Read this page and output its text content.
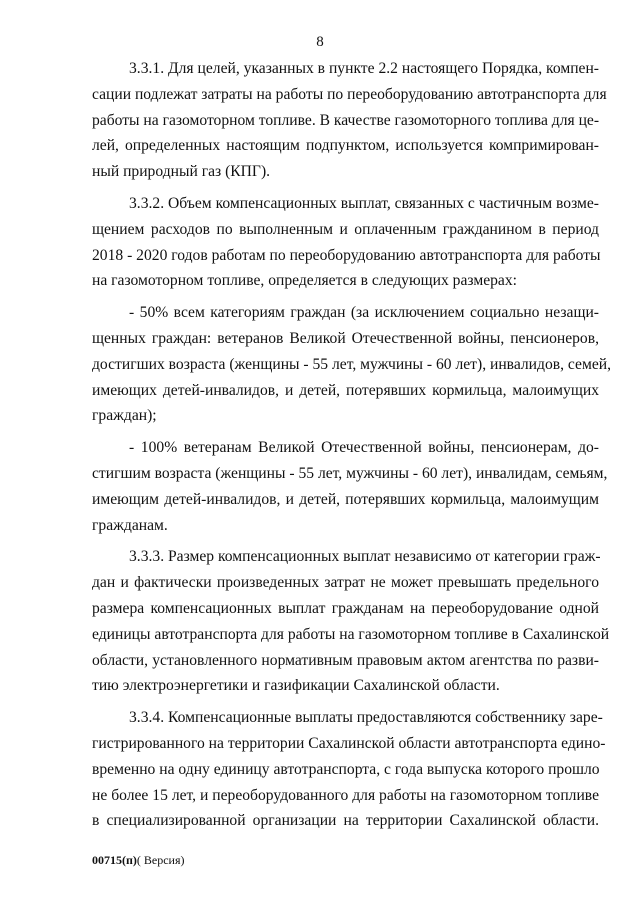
8
3.3.1. Для целей, указанных в пункте 2.2 настоящего Порядка, компен-
сации подлежат затраты на работы по переоборудованию автотранспорта для
работы на газомоторном топливе. В качестве газомоторного топлива для це-
лей, определенных настоящим подпунктом, используется компримирован-
ный природный газ (КПГ).
3.3.2. Объем компенсационных выплат, связанных с частичным возме-
щением расходов по выполненным и оплаченным гражданином в период
2018 - 2020 годов работам по переоборудованию автотранспорта для работы
на газомоторном топливе, определяется в следующих размерах:
- 50% всем категориям граждан (за исключением социально незащи-
щенных граждан: ветеранов Великой Отечественной войны, пенсионеров,
достигших возраста (женщины - 55 лет, мужчины - 60 лет), инвалидов, семей,
имеющих детей-инвалидов, и детей, потерявших кормильца, малоимущих
граждан);
- 100% ветеранам Великой Отечественной войны, пенсионерам, до-
стигшим возраста (женщины - 55 лет, мужчины - 60 лет), инвалидам, семьям,
имеющим детей-инвалидов, и детей, потерявших кормильца, малоимущим
гражданам.
3.3.3. Размер компенсационных выплат независимо от категории граж-
дан и фактически произведенных затрат не может превышать предельного
размера компенсационных выплат гражданам на переоборудование одной
единицы автотранспорта для работы на газомоторном топливе в Сахалинской
области, установленного нормативным правовым актом агентства по разви-
тию электроэнергетики и газификации Сахалинской области.
3.3.4. Компенсационные выплаты предоставляются собственнику заре-
гистрированного на территории Сахалинской области автотранспорта едино-
временно на одну единицу автотранспорта, с года выпуска которого прошло
не более 15 лет, и переоборудованного для работы на газомоторном топливе
в специализированной организации на территории Сахалинской области.
00715(п)( Версия)
